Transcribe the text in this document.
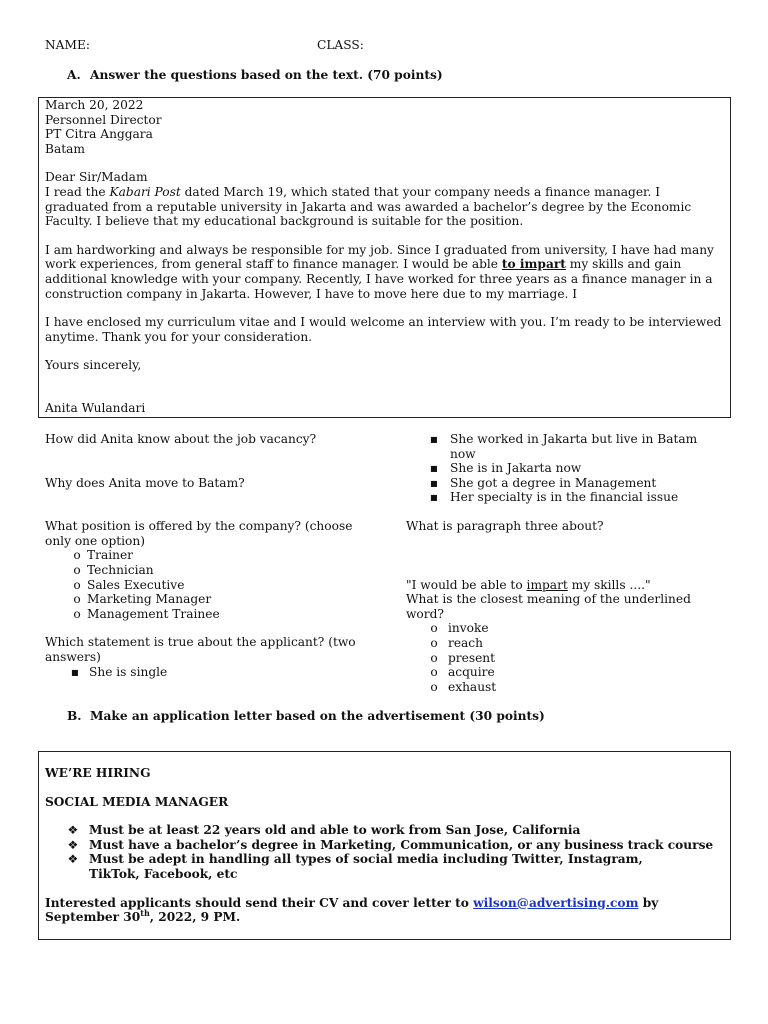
NAME:	CLASS:
A. Answer the questions based on the text. (70 points)

March 20, 2022

Personnel Director

PT Citra Anggara

Batam

Dear Sir/Madam

I read the Kabari Post dated March 19, which stated that your company needs a finance manager. I graduated from a reputable university in Jakarta and was awarded a bachelor’s degree by the Economic Faculty. I believe that my educational background is suitable for the position.

I am hardworking and always be responsible for my job. Since I graduated from university, I have had many work experiences, from general staff to finance manager. I would be able to impart my skills and gain additional knowledge with your company. Recently, I have worked for three years as a finance manager in a construction company in Jakarta. However, I have to move here due to my marriage. I

I have enclosed my curriculum vitae and I would welcome an interview with you. I’m ready to be interviewed anytime. Thank you for your consideration.

Yours sincerely,

Anita Wulandari

How did Anita know about the job vacancy?

Why does Anita move to Batam?

What position is offered by the company? (choose only one option)

o Trainer
o Technician
o Sales Executive
o Marketing Manager
o Management Trainee

Which statement is true about the applicant? (two answers)

▪ She is single
▪ She worked in Jakarta but live in Batam now
▪ She is in Jakarta now
▪ She got a degree in Management
▪ Her specialty is in the financial issue

What is paragraph three about?

"I would be able to impart my skills ...."

What is the closest meaning of the underlined word?

o invoke
o reach
o present
o acquire
o exhaust
B. Make an application letter based on the advertisement (30 points)

WE’RE HIRING

SOCIAL MEDIA MANAGER

❖ Must be at least 22 years old and able to work from San Jose, California
❖ Must have a bachelor’s degree in Marketing, Communication, or any business track course
❖ Must be adept in handling all types of social media including Twitter, Instagram, TikTok, Facebook, etc

Interested applicants should send their CV and cover letter to wilson@advertising.com by September 30th, 2022, 9 PM.
